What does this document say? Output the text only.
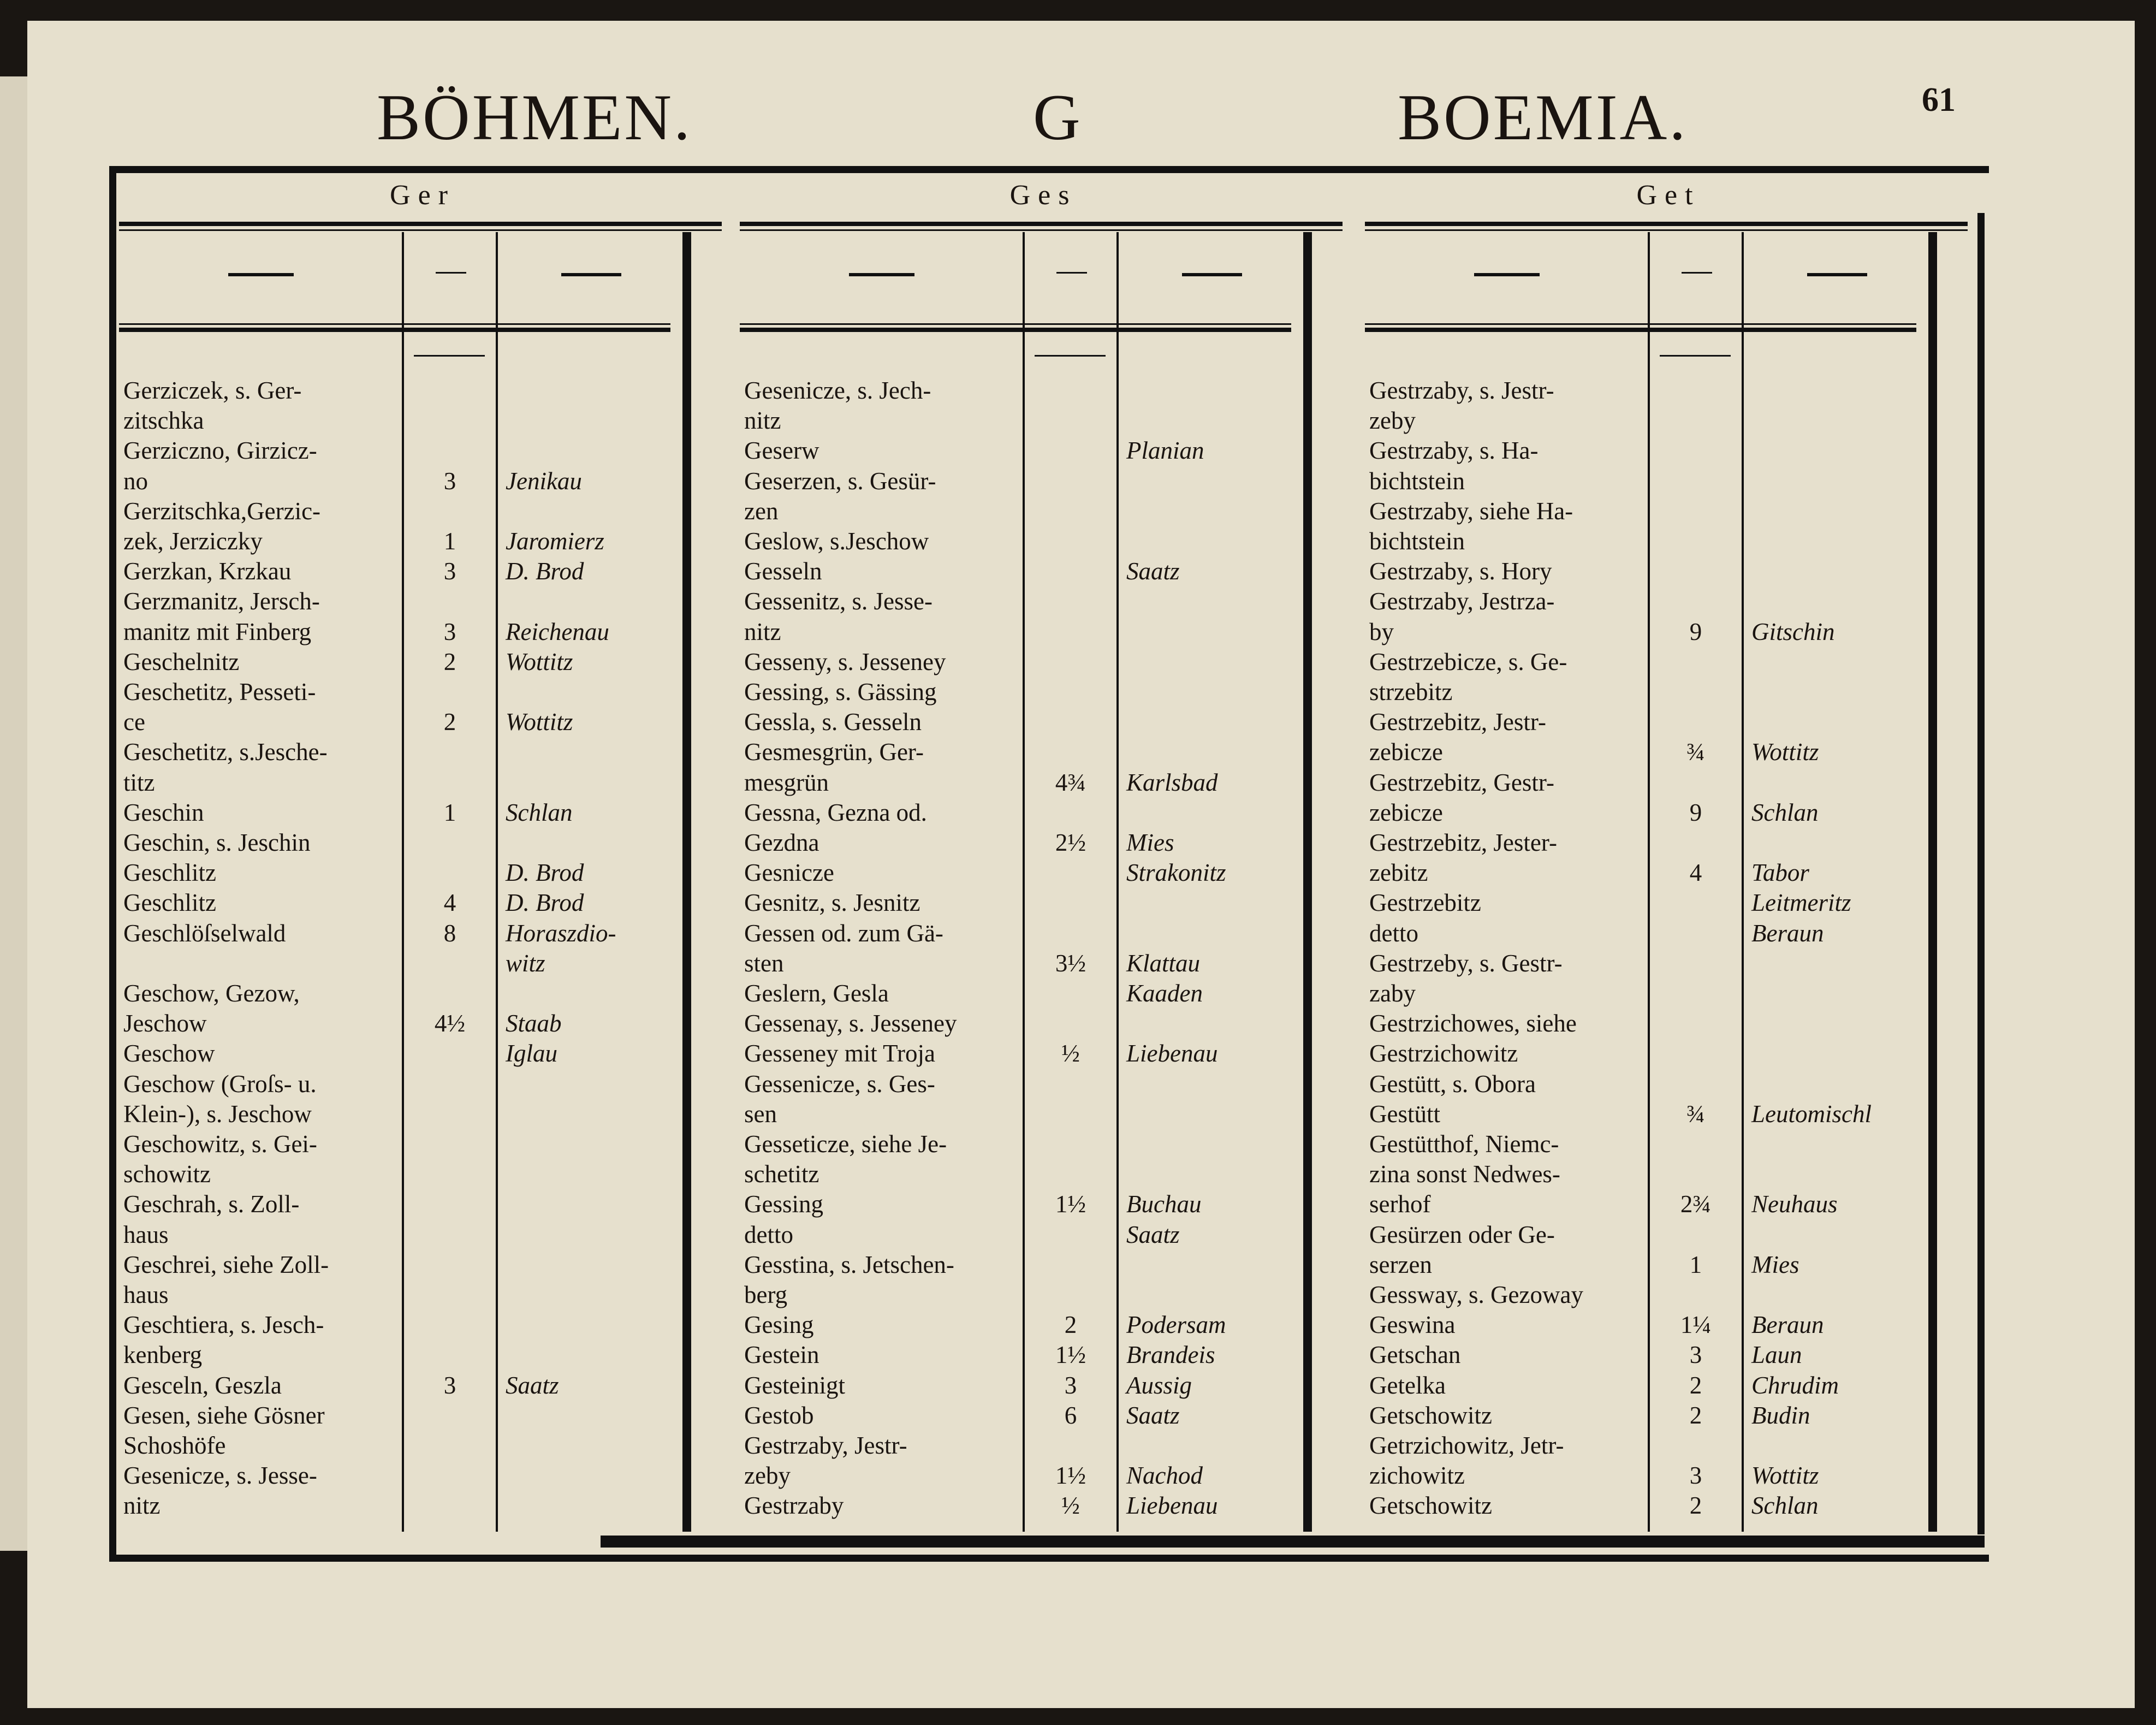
BÖHMEN.	G	BOEMIA.	61
Ger
Gerziczek, s. Ger-
zitschka
Gerziczno, Girzicz-
no	3	Jenikau
Gerzitschka,Gerzic-
zek, Jerziczky	1	Jaromierz
Gerzkan, Krzkau	3	D. Brod
Gerzmanitz, Jersch-
manitz mit Finberg	3	Reichenau
Geschelnitz	2	Wottitz
Geschetitz, Pesseti-
ce	2	Wottitz
Geschetitz, s.Jesche-
titz
Geschin	1	Schlan
Geschin, s. Jeschin
Geschlitz	D. Brod
Geschlitz	4	D. Brod
Geschlöſselwald	8	Horaszdio-
witz
Geschow, Gezow,
Jeschow	4½	Staab
Geschow	Iglau
Geschow (Groſs- u.
Klein-), s. Jeschow
Geschowitz, s. Gei-
schowitz
Geschrah, s. Zoll-
haus
Geschrei, siehe Zoll-
haus
Geschtiera, s. Jesch-
kenberg
Gesceln, Geszla	3	Saatz
Gesen, siehe Gösner
Schoshöfe
Gesenicze, s. Jesse-
nitz
Ges
Gesenicze, s. Jech-
nitz
Geserw	Planian
Geserzen, s. Gesür-
zen
Geslow, s.Jeschow
Gesseln	Saatz
Gessenitz, s. Jesse-
nitz
Gesseny, s. Jesseney
Gessing, s. Gässing
Gessla, s. Gesseln
Gesmesgrün, Ger-
mesgrün	4¾	Karlsbad
Gessna, Gezna od.
Gezdna	2½	Mies
Gesnicze	Strakonitz
Gesnitz, s. Jesnitz
Gessen od. zum Gä-
sten	3½	Klattau
Geslern, Gesla	Kaaden
Gessenay, s. Jesseney
Gesseney mit Troja	½	Liebenau
Gessenicze, s. Ges-
sen
Gesseticze, siehe Je-
schetitz
Gessing	1½	Buchau
detto	Saatz
Gesstina, s. Jetschen-
berg
Gesing	2	Podersam
Gestein	1½	Brandeis
Gesteinigt	3	Aussig
Gestob	6	Saatz
Gestrzaby, Jestr-
zeby	1½	Nachod
Gestrzaby	½	Liebenau
Get
Gestrzaby, s. Jestr-
zeby
Gestrzaby, s. Ha-
bichtstein
Gestrzaby, siehe Ha-
bichtstein
Gestrzaby, s. Hory
Gestrzaby, Jestrza-
by	9	Gitschin
Gestrzebicze, s. Ge-
strzebitz
Gestrzebitz, Jestr-
zebicze	¾	Wottitz
Gestrzebitz, Gestr-
zebicze	9	Schlan
Gestrzebitz, Jester-
zebitz	4	Tabor
Gestrzebitz	Leitmeritz
detto	Beraun
Gestrzeby, s. Gestr-
zaby
Gestrzichowes, siehe
Gestrzichowitz
Gestütt, s. Obora
Gestütt	¾	Leutomischl
Gestütthof, Niemc-
zina sonst Nedwes-
serhof	2¾	Neuhaus
Gesürzen oder Ge-
serzen	1	Mies
Gessway, s. Gezoway
Geswina	1¼	Beraun
Getschan	3	Laun
Getelka	2	Chrudim
Getschowitz	2	Budin
Getrzichowitz, Jetr-
zichowitz	3	Wottitz
Getschowitz	2	Schlan
